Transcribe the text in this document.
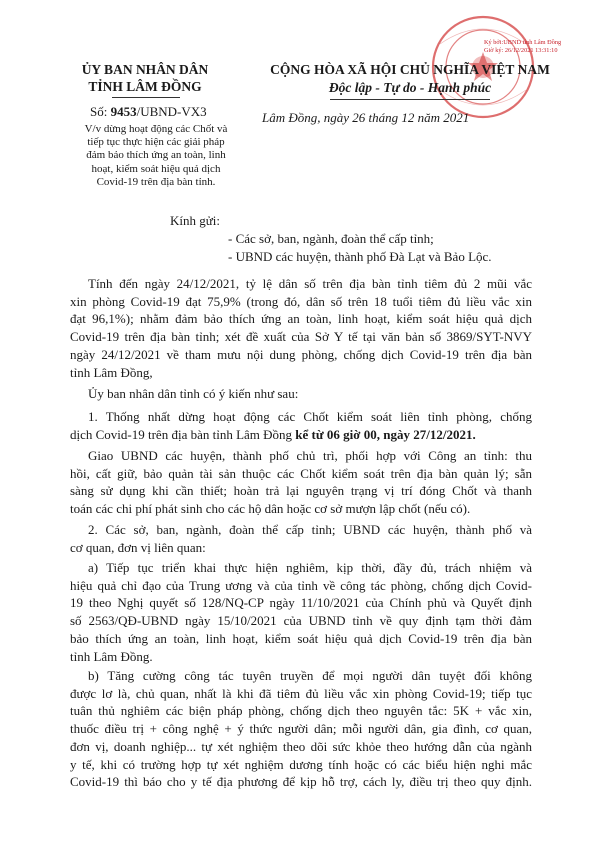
Ký bởi:UBND tỉnh Lâm Đồng
Giờ ký: 26/12/2021 13:31:10
ỦY BAN NHÂN DÂN
TỈNH LÂM ĐỒNG
CỘNG HÒA XÃ HỘI CHỦ NGHĨA VIỆT NAM
Độc lập - Tự do - Hạnh phúc
Số: 9453/UBND-VX3	Lâm Đồng, ngày 26 tháng 12 năm 2021
V/v dừng hoạt động các Chốt và
tiếp tục thực hiện các giải pháp
đảm bảo thích ứng an toàn, linh
hoạt, kiểm soát hiệu quả dịch
Covid-19 trên địa bàn tỉnh.
Kính gửi:
- Các sở, ban, ngành, đoàn thể cấp tỉnh;
- UBND các huyện, thành phố Đà Lạt và Bảo Lộc.
Tính đến ngày 24/12/2021, tỷ lệ dân số trên địa bàn tỉnh tiêm đủ 2 mũi vắc
xin phòng Covid-19 đạt 75,9% (trong đó, dân số trên 18 tuổi tiêm đủ liều vắc xin
đạt 96,1%); nhằm đảm bảo thích ứng an toàn, linh hoạt, kiểm soát hiệu quả dịch
Covid-19 trên địa bàn tỉnh; xét đề xuất của Sở Y tế tại văn bản số 3869/SYT-NVY
ngày 24/12/2021 về tham mưu nội dung phòng, chống dịch Covid-19 trên địa bàn
tỉnh Lâm Đồng,
Ủy ban nhân dân tỉnh có ý kiến như sau:
1. Thống nhất dừng hoạt động các Chốt kiểm soát liên tỉnh phòng, chống
dịch Covid-19 trên địa bàn tỉnh Lâm Đồng kể từ 06 giờ 00, ngày 27/12/2021.
Giao UBND các huyện, thành phố chủ trì, phối hợp với Công an tỉnh: thu
hồi, cất giữ, bảo quản tài sản thuộc các Chốt kiểm soát trên địa bàn quản lý; sẵn
sàng sử dụng khi cần thiết; hoàn trả lại nguyên trạng vị trí đóng Chốt và thanh
toán các chi phí phát sinh cho các hộ dân hoặc cơ sở mượn lập chốt (nếu có).
2. Các sở, ban, ngành, đoàn thể cấp tỉnh; UBND các huyện, thành phố và
cơ quan, đơn vị liên quan:
a) Tiếp tục triển khai thực hiện nghiêm, kịp thời, đầy đủ, trách nhiệm và
hiệu quả chỉ đạo của Trung ương và của tỉnh về công tác phòng, chống dịch Covid-
19 theo Nghị quyết số 128/NQ-CP ngày 11/10/2021 của Chính phủ và Quyết định
số 2563/QĐ-UBND ngày 15/10/2021 của UBND tỉnh về quy định tạm thời đảm
bảo thích ứng an toàn, linh hoạt, kiểm soát hiệu quả dịch Covid-19 trên địa bàn
tỉnh Lâm Đồng.
b) Tăng cường công tác tuyên truyền để mọi người dân tuyệt đối không
được lơ là, chủ quan, nhất là khi đã tiêm đủ liều vắc xin phòng Covid-19; tiếp tục
tuân thủ nghiêm các biện pháp phòng, chống dịch theo nguyên tắc: 5K + vắc xin,
thuốc điều trị + công nghệ + ý thức người dân; mỗi người dân, gia đình, cơ quan,
đơn vị, doanh nghiệp... tự xét nghiệm theo dõi sức khỏe theo hướng dẫn của ngành
y tế, khi có trường hợp tự xét nghiệm dương tính hoặc có các biểu hiện nghi mắc
Covid-19 thì báo cho y tế địa phương để kịp hỗ trợ, cách ly, điều trị theo quy định.
